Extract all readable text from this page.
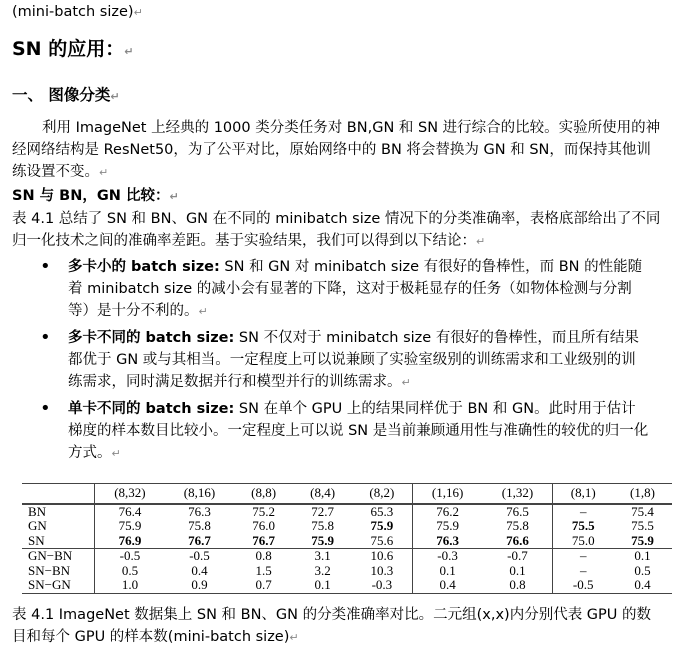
(mini-batch size)↵
SN 的应用：↵
一、 图像分类↵
利用 ImageNet 上经典的 1000 类分类任务对 BN,GN 和 SN 进行综合的比较。实验所使用的神经网络结构是 ResNet50，为了公平对比，原始网络中的 BN 将会替换为 GN 和 SN，而保持其他训练设置不变。↵
SN 与 BN，GN 比较：↵
表 4.1 总结了 SN 和 BN、GN 在不同的 minibatch size 情况下的分类准确率，表格底部给出了不同归一化技术之间的准确率差距。基于实验结果，我们可以得到以下结论：↵
• 多卡小的 batch size: SN 和 GN 对 minibatch size 有很好的鲁棒性，而 BN 的性能随着 minibatch size 的减小会有显著的下降，这对于极耗显存的任务（如物体检测与分割等）是十分不利的。↵
• 多卡不同的 batch size: SN 不仅对于 minibatch size 有很好的鲁棒性，而且所有结果都优于 GN 或与其相当。一定程度上可以说兼顾了实验室级别的训练需求和工业级别的训练需求，同时满足数据并行和模型并行的训练需求。↵
• 单卡不同的 batch size: SN 在单个 GPU 上的结果同样优于 BN 和 GN。此时用于估计梯度的样本数目比较小。一定程度上可以说 SN 是当前兼顾通用性与准确性的较优的归一化方式。↵
	(8,32)	(8,16)	(8,8)	(8,4)	(8,2)	(1,16)	(1,32)	(8,1)	(1,8)
BN	76.4	76.3	75.2	72.7	65.3	76.2	76.5	–	75.4
GN	75.9	75.8	76.0	75.8	75.9	75.9	75.8	75.5	75.5
SN	76.9	76.7	76.7	75.9	75.6	76.3	76.6	75.0	75.9
GN−BN	-0.5	-0.5	0.8	3.1	10.6	-0.3	-0.7	–	0.1
SN−BN	0.5	0.4	1.5	3.2	10.3	0.1	0.1	–	0.5
SN−GN	1.0	0.9	0.7	0.1	-0.3	0.4	0.8	-0.5	0.4
表 4.1 ImageNet 数据集上 SN 和 BN、GN 的分类准确率对比。二元组(x,x)内分别代表 GPU 的数目和每个 GPU 的样本数(mini-batch size)↵
